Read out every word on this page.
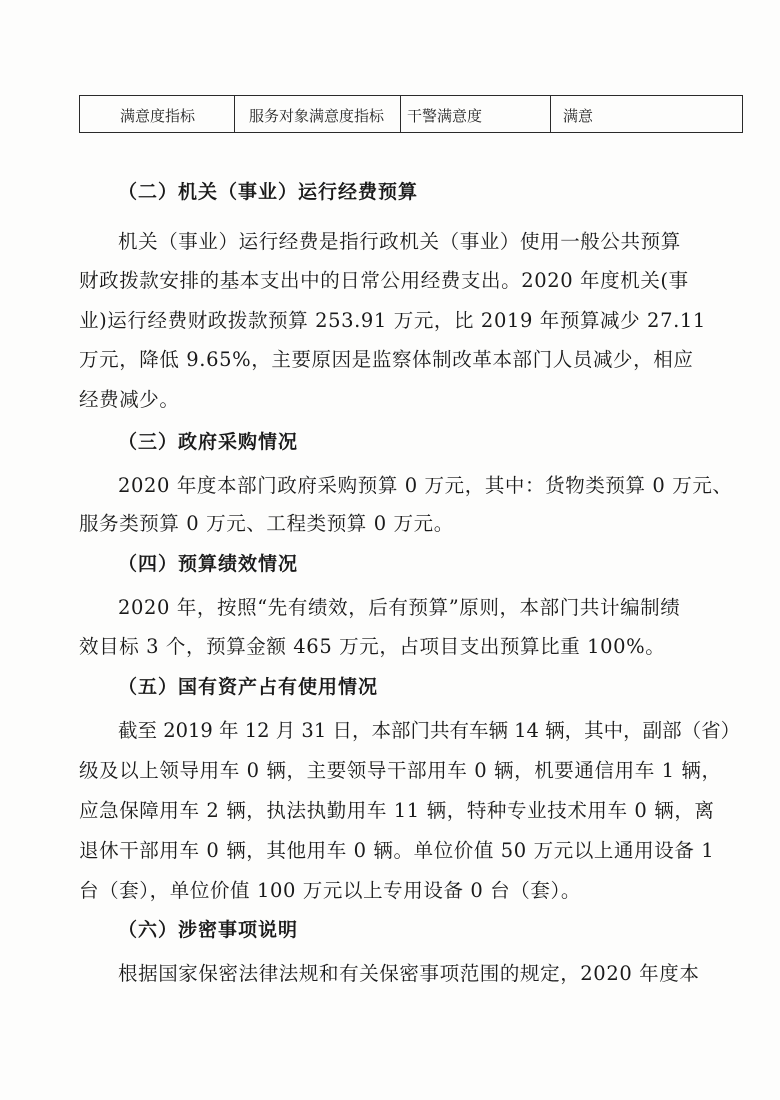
满意度指标	服务对象满意度指标	干警满意度	满意
（二）机关（事业）运行经费预算
机关（事业）运行经费是指行政机关（事业）使用一般公共预算
财政拨款安排的基本支出中的日常公用经费支出。2020 年度机关(事
业)运行经费财政拨款预算 253.91 万元，比 2019 年预算减少 27.11
万元，降低 9.65%，主要原因是监察体制改革本部门人员减少，相应
经费减少。
（三）政府采购情况
2020 年度本部门政府采购预算 0 万元，其中：货物类预算 0 万元、
服务类预算 0 万元、工程类预算 0 万元。
（四）预算绩效情况
2020 年，按照“先有绩效，后有预算”原则，本部门共计编制绩
效目标 3 个，预算金额 465 万元，占项目支出预算比重 100%。
（五）国有资产占有使用情况
截至 2019 年 12 月 31 日，本部门共有车辆 14 辆，其中，副部（省）
级及以上领导用车 0 辆，主要领导干部用车 0 辆，机要通信用车 1 辆，
应急保障用车 2 辆，执法执勤用车 11 辆，特种专业技术用车 0 辆，离
退休干部用车 0 辆，其他用车 0 辆。单位价值 50 万元以上通用设备 1
台（套），单位价值 100 万元以上专用设备 0 台（套）。
（六）涉密事项说明
根据国家保密法律法规和有关保密事项范围的规定，2020 年度本
